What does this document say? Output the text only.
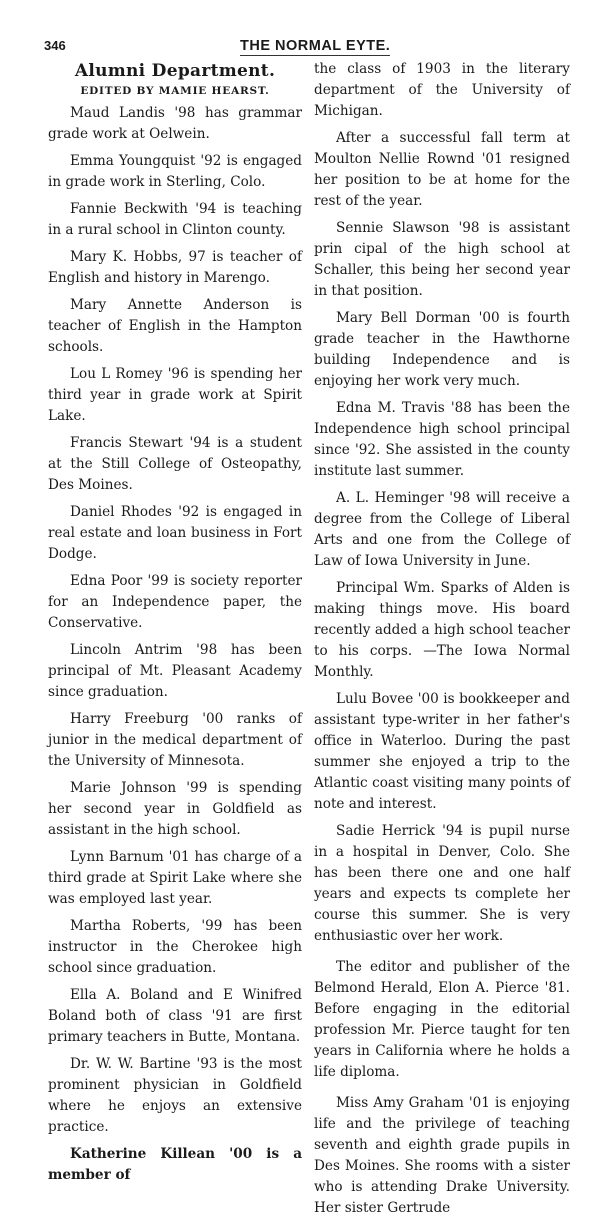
346	THE NORMAL EYTE.
Alumni Department.

EDITED BY MAMIE HEARST.

Maud Landis '98 has grammar grade work at Oelwein.

Emma Youngquist '92 is engaged in grade work in Sterling, Colo.

Fannie Beckwith '94 is teaching in a rural school in Clinton county.

Mary K. Hobbs, 97 is teacher of English and history in Marengo.

Mary Annette Anderson is teacher of English in the Hampton schools.

Lou L Romey '96 is spending her third year in grade work at Spirit Lake.

Francis Stewart '94 is a student at the Still College of Osteopathy, Des Moines.

Daniel Rhodes '92 is engaged in real estate and loan business in Fort Dodge.

Edna Poor '99 is society reporter for an Independence paper, the Conservative.

Lincoln Antrim '98 has been principal of Mt. Pleasant Academy since graduation.

Harry Freeburg '00 ranks of junior in the medical department of the University of Minnesota.

Marie Johnson '99 is spending her second year in Goldfield as assistant in the high school.

Lynn Barnum '01 has charge of a third grade at Spirit Lake where she was employed last year.

Martha Roberts, '99 has been instructor in the Cherokee high school since graduation.

Ella A. Boland and E Winifred Boland both of class '91 are first primary teachers in Butte, Montana.

Dr. W. W. Bartine '93 is the most prominent physician in Goldfield where he enjoys an extensive practice.

Katherine Killean '00 is a member of

the class of 1903 in the literary department of the University of Michigan.

After a successful fall term at Moulton Nellie Rownd '01 resigned her position to be at home for the rest of the year.

Sennie Slawson '98 is assistant prin cipal of the high school at Schaller, this being her second year in that position.

Mary Bell Dorman '00 is fourth grade teacher in the Hawthorne building Independence and is enjoying her work very much.

Edna M. Travis '88 has been the Independence high school principal since '92. She assisted in the county institute last summer.

A. L. Heminger '98 will receive a degree from the College of Liberal Arts and one from the College of Law of Iowa University in June.

Principal Wm. Sparks of Alden is making things move. His board recently added a high school teacher to his corps. —The Iowa Normal Monthly.

Lulu Bovee '00 is bookkeeper and assistant type-writer in her father's office in Waterloo. During the past summer she enjoyed a trip to the Atlantic coast visiting many points of note and interest.

Sadie Herrick '94 is pupil nurse in a hospital in Denver, Colo. She has been there one and one half years and expects ts complete her course this summer. She is very enthusiastic over her work.

The editor and publisher of the Belmond Herald, Elon A. Pierce '81. Before engaging in the editorial profession Mr. Pierce taught for ten years in California where he holds a life diploma.

Miss Amy Graham '01 is enjoying life and the privilege of teaching seventh and eighth grade pupils in Des Moines. She rooms with a sister who is attending Drake University. Her sister Gertrude
